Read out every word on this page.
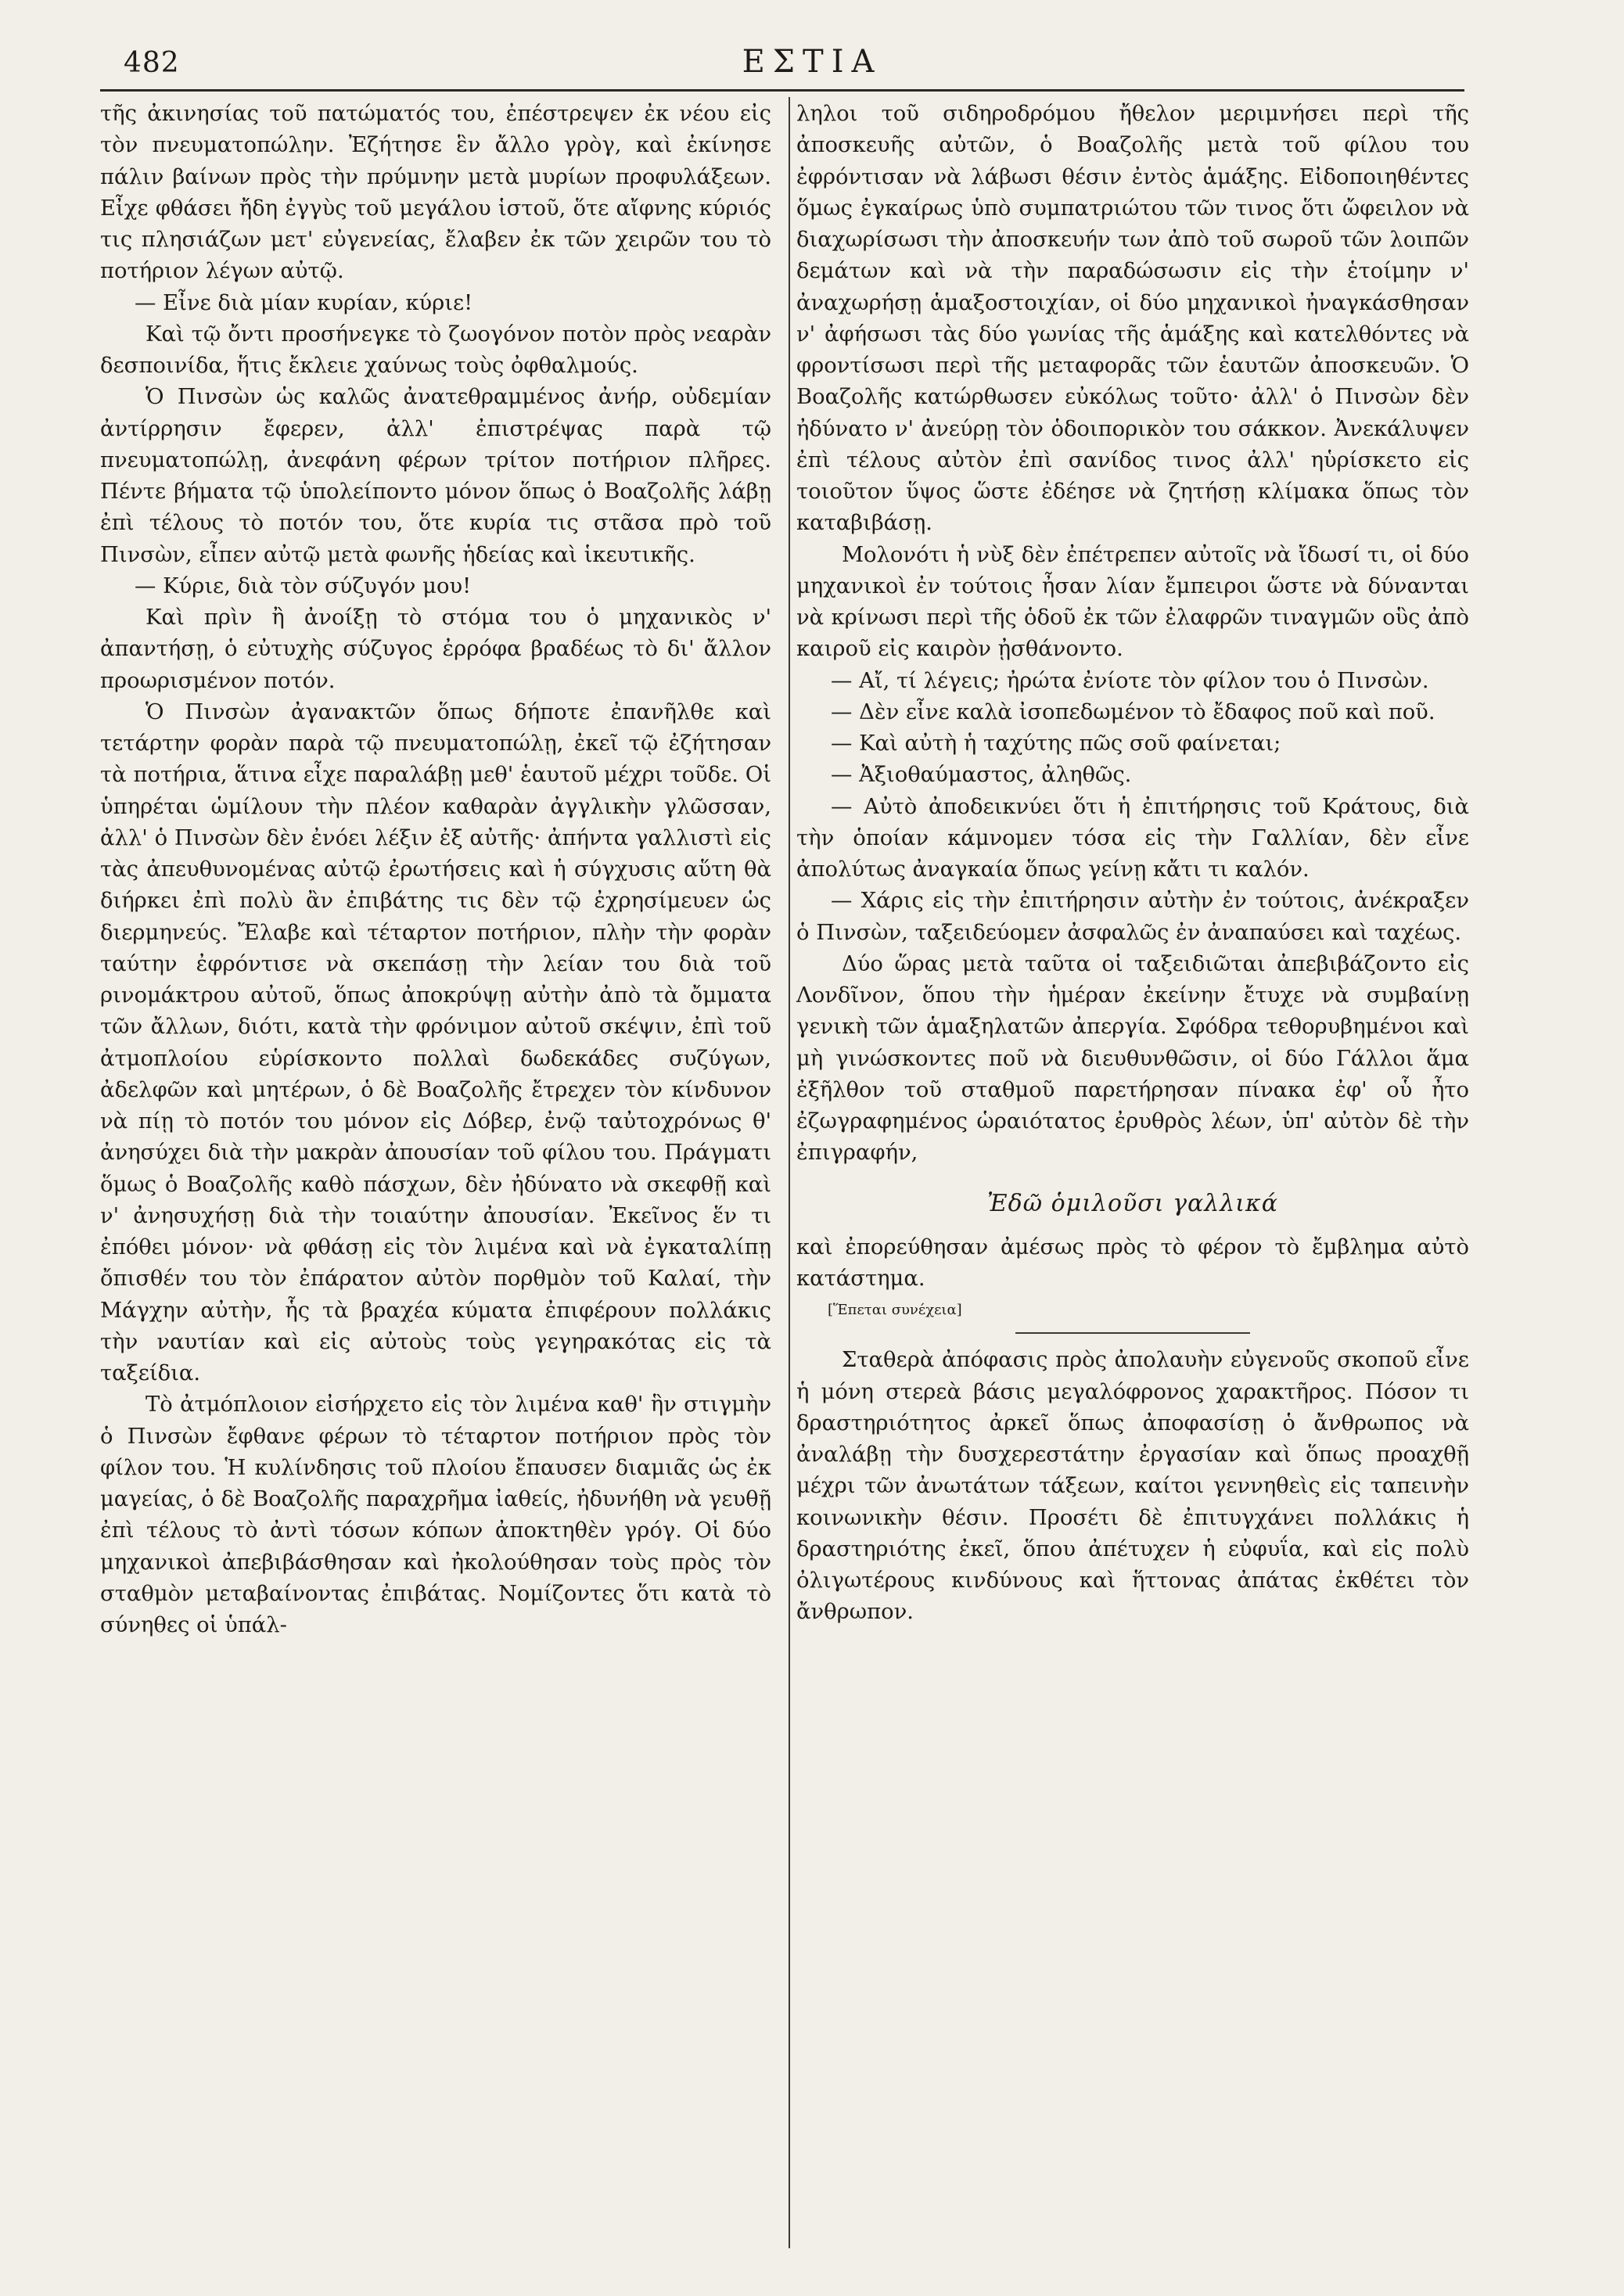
482	ΕΣΤΙΑ

τῆς ἀκινησίας τοῦ πατώματός του, ἐπέστρεψεν ἐκ νέου εἰς τὸν πνευματοπώλην. Ἐζήτησε ἓν ἄλλο γρὸγ, καὶ ἐκίνησε πάλιν βαίνων πρὸς τὴν πρύμνην μετὰ μυρίων προφυλάξεων. Εἶχε φθάσει ἤδη ἐγγὺς τοῦ μεγάλου ἱστοῦ, ὅτε αἴφνης κύριός τις πλησιάζων μετ' εὐγενείας, ἔλαβεν ἐκ τῶν χειρῶν του τὸ ποτήριον λέγων αὐτῷ.

— Εἶνε διὰ μίαν κυρίαν, κύριε!

Καὶ τῷ ὄντι προσήνεγκε τὸ ζωογόνον ποτὸν πρὸς νεαρὰν δεσποινίδα, ἥτις ἔκλειε χαύνως τοὺς ὀφθαλμούς.

Ὁ Πινσὼν ὡς καλῶς ἀνατεθραμμένος ἀνήρ, οὐδεμίαν ἀντίρρησιν ἔφερεν, ἀλλ' ἐπιστρέψας παρὰ τῷ πνευματοπώλῃ, ἀνεφάνη φέρων τρίτον ποτήριον πλῆρες. Πέντε βήματα τῷ ὑπολείποντο μόνον ὅπως ὁ Βοαζολῆς λάβῃ ἐπὶ τέλους τὸ ποτόν του, ὅτε κυρία τις στᾶσα πρὸ τοῦ Πινσὼν, εἶπεν αὐτῷ μετὰ φωνῆς ἡδείας καὶ ἱκευτικῆς.

— Κύριε, διὰ τὸν σύζυγόν μου!

Καὶ πρὶν ἢ ἀνοίξῃ τὸ στόμα του ὁ μηχανικὸς ν' ἀπαντήσῃ, ὁ εὐτυχὴς σύζυγος ἐρρόφα βραδέως τὸ δι' ἄλλον προωρισμένον ποτόν.

Ὁ Πινσὼν ἀγανακτῶν ὅπως δήποτε ἐπανῆλθε καὶ τετάρτην φορὰν παρὰ τῷ πνευματοπώλῃ, ἐκεῖ τῷ ἐζήτησαν τὰ ποτήρια, ἅτινα εἶχε παραλάβῃ μεθ' ἑαυτοῦ μέχρι τοῦδε. Οἱ ὑπηρέται ὡμίλουν τὴν πλέον καθαρὰν ἀγγλικὴν γλῶσσαν, ἀλλ' ὁ Πινσὼν δὲν ἐνόει λέξιν ἐξ αὐτῆς· ἀπήντα γαλλιστὶ εἰς τὰς ἀπευθυνομένας αὐτῷ ἐρωτήσεις καὶ ἡ σύγχυσις αὕτη θὰ διήρκει ἐπὶ πολὺ ἂν ἐπιβάτης τις δὲν τῷ ἐχρησίμευεν ὡς διερμηνεύς. Ἔλαβε καὶ τέταρτον ποτήριον, πλὴν τὴν φορὰν ταύτην ἐφρόντισε νὰ σκεπάσῃ τὴν λείαν του διὰ τοῦ ρινομάκτρου αὐτοῦ, ὅπως ἀποκρύψῃ αὐτὴν ἀπὸ τὰ ὄμματα τῶν ἄλλων, διότι, κατὰ τὴν φρόνιμον αὐτοῦ σκέψιν, ἐπὶ τοῦ ἀτμοπλοίου εὑρίσκοντο πολλαὶ δωδεκάδες συζύγων, ἀδελφῶν καὶ μητέρων, ὁ δὲ Βοαζολῆς ἔτρεχεν τὸν κίνδυνον νὰ πίῃ τὸ ποτόν του μόνον εἰς Δόβερ, ἐνῷ ταὐτοχρόνως θ' ἀνησύχει διὰ τὴν μακρὰν ἀπουσίαν τοῦ φίλου του. Πράγματι ὅμως ὁ Βοαζολῆς καθὸ πάσχων, δὲν ἠδύνατο νὰ σκεφθῇ καὶ ν' ἀνησυχήσῃ διὰ τὴν τοιαύτην ἀπουσίαν. Ἐκεῖνος ἕν τι ἐπόθει μόνον· νὰ φθάσῃ εἰς τὸν λιμένα καὶ νὰ ἐγκαταλίπῃ ὄπισθέν του τὸν ἐπάρατον αὐτὸν πορθμὸν τοῦ Καλαί, τὴν Μάγχην αὐτὴν, ἧς τὰ βραχέα κύματα ἐπιφέρουν πολλάκις τὴν ναυτίαν καὶ εἰς αὐτοὺς τοὺς γεγηρακότας εἰς τὰ ταξείδια.

Τὸ ἀτμόπλοιον εἰσήρχετο εἰς τὸν λιμένα καθ' ἣν στιγμὴν ὁ Πινσὼν ἔφθανε φέρων τὸ τέταρτον ποτήριον πρὸς τὸν φίλον του. Ἡ κυλίνδησις τοῦ πλοίου ἔπαυσεν διαμιᾶς ὡς ἐκ μαγείας, ὁ δὲ Βοαζολῆς παραχρῆμα ἰαθείς, ἠδυνήθη νὰ γευθῇ ἐπὶ τέλους τὸ ἀντὶ τόσων κόπων ἀποκτηθὲν γρόγ. Οἱ δύο μηχανικοὶ ἀπεβιβάσθησαν καὶ ἠκολούθησαν τοὺς πρὸς τὸν σταθμὸν μεταβαίνοντας ἐπιβάτας. Νομίζοντες ὅτι κατὰ τὸ σύνηθες οἱ ὑπάλ-

ληλοι τοῦ σιδηροδρόμου ἤθελον μεριμνήσει περὶ τῆς ἀποσκευῆς αὐτῶν, ὁ Βοαζολῆς μετὰ τοῦ φίλου του ἐφρόντισαν νὰ λάβωσι θέσιν ἐντὸς ἁμάξης. Εἰδοποιηθέντες ὅμως ἐγκαίρως ὑπὸ συμπατριώτου τῶν τινος ὅτι ὤφειλον νὰ διαχωρίσωσι τὴν ἀποσκευήν των ἀπὸ τοῦ σωροῦ τῶν λοιπῶν δεμάτων καὶ νὰ τὴν παραδώσωσιν εἰς τὴν ἑτοίμην ν' ἀναχωρήσῃ ἁμαξοστοιχίαν, οἱ δύο μηχανικοὶ ἠναγκάσθησαν ν' ἀφήσωσι τὰς δύο γωνίας τῆς ἁμάξης καὶ κατελθόντες νὰ φροντίσωσι περὶ τῆς μεταφορᾶς τῶν ἑαυτῶν ἀποσκευῶν. Ὁ Βοαζολῆς κατώρθωσεν εὐκόλως τοῦτο· ἀλλ' ὁ Πινσὼν δὲν ἠδύνατο ν' ἀνεύρῃ τὸν ὁδοιπορικὸν του σάκκον. Ἀνεκάλυψεν ἐπὶ τέλους αὐτὸν ἐπὶ σανίδος τινος ἀλλ' ηὑρίσκετο εἰς τοιοῦτον ὕψος ὥστε ἐδέησε νὰ ζητήσῃ κλίμακα ὅπως τὸν καταβιβάσῃ.

Μολονότι ἡ νὺξ δὲν ἐπέτρεπεν αὐτοῖς νὰ ἴδωσί τι, οἱ δύο μηχανικοὶ ἐν τούτοις ἦσαν λίαν ἔμπειροι ὥστε νὰ δύνανται νὰ κρίνωσι περὶ τῆς ὁδοῦ ἐκ τῶν ἐλαφρῶν τιναγμῶν οὓς ἀπὸ καιροῦ εἰς καιρὸν ᾐσθάνοντο.

— Αἴ, τί λέγεις; ἠρώτα ἐνίοτε τὸν φίλον του ὁ Πινσὼν.

— Δὲν εἶνε καλὰ ἰσοπεδωμένον τὸ ἔδαφος ποῦ καὶ ποῦ.

— Καὶ αὐτὴ ἡ ταχύτης πῶς σοῦ φαίνεται;

— Ἀξιοθαύμαστος, ἀληθῶς.

— Αὐτὸ ἀποδεικνύει ὅτι ἡ ἐπιτήρησις τοῦ Κράτους, διὰ τὴν ὁποίαν κάμνομεν τόσα εἰς τὴν Γαλλίαν, δὲν εἶνε ἀπολύτως ἀναγκαία ὅπως γείνῃ κἄτι τι καλόν.

— Χάρις εἰς τὴν ἐπιτήρησιν αὐτὴν ἐν τούτοις, ἀνέκραξεν ὁ Πινσὼν, ταξειδεύομεν ἀσφαλῶς ἐν ἀναπαύσει καὶ ταχέως.

Δύο ὥρας μετὰ ταῦτα οἱ ταξειδιῶται ἀπεβιβάζοντο εἰς Λονδῖνον, ὅπου τὴν ἡμέραν ἐκείνην ἔτυχε νὰ συμβαίνῃ γενικὴ τῶν ἁμαξηλατῶν ἀπεργία. Σφόδρα τεθορυβημένοι καὶ μὴ γινώσκοντες ποῦ νὰ διευθυνθῶσιν, οἱ δύο Γάλλοι ἅμα ἐξῆλθον τοῦ σταθμοῦ παρετήρησαν πίνακα ἐφ' οὗ ἦτο ἐζωγραφημένος ὡραιότατος ἐρυθρὸς λέων, ὑπ' αὐτὸν δὲ τὴν ἐπιγραφήν,

Ἐδῶ ὁμιλοῦσι γαλλικά

καὶ ἐπορεύθησαν ἀμέσως πρὸς τὸ φέρον τὸ ἔμβλημα αὐτὸ κατάστημα.

[Ἕπεται συνέχεια]

Σταθερὰ ἀπόφασις πρὸς ἀπολαυὴν εὐγενοῦς σκοποῦ εἶνε ἡ μόνη στερεὰ βάσις μεγαλόφρονος χαρακτῆρος. Πόσον τι δραστηριότητος ἀρκεῖ ὅπως ἀποφασίσῃ ὁ ἄνθρωπος νὰ ἀναλάβῃ τὴν δυσχερεστάτην ἐργασίαν καὶ ὅπως προαχθῇ μέχρι τῶν ἀνωτάτων τάξεων, καίτοι γεννηθεὶς εἰς ταπεινὴν κοινωνικὴν θέσιν. Προσέτι δὲ ἐπιτυγχάνει πολλάκις ἡ δραστηριότης ἐκεῖ, ὅπου ἀπέτυχεν ἡ εὐφυΐα, καὶ εἰς πολὺ ὀλιγωτέρους κινδύνους καὶ ἥττονας ἀπάτας ἐκθέτει τὸν ἄνθρωπον.
